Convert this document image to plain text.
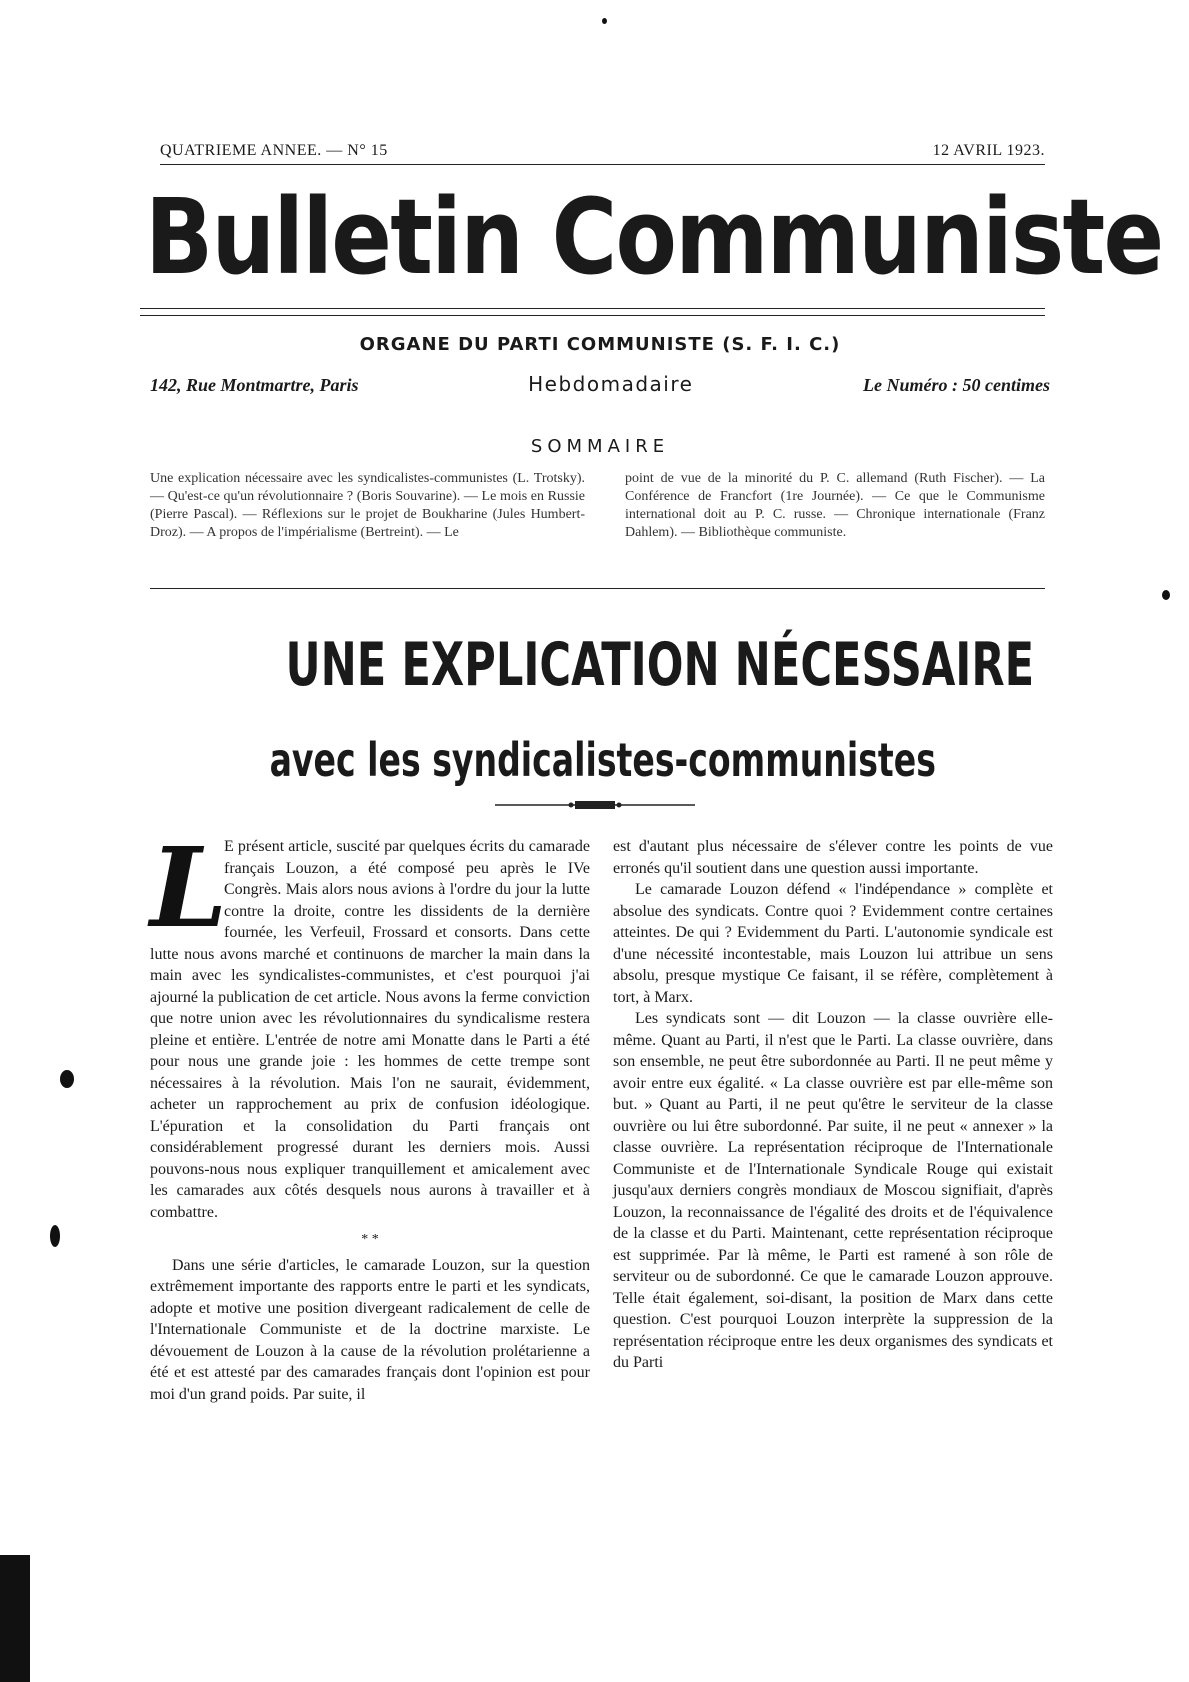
QUATRIEME ANNEE. — N° 15	12 AVRIL 1923.
Bulletin Communiste
ORGANE DU PARTI COMMUNISTE (S. F. I. C.)
142, Rue Montmartre, Paris	Hebdomadaire	Le Numéro : 50 centimes
SOMMAIRE
Une explication nécessaire avec les syndicalistes-communistes (L. Trotsky). — Qu'est-ce qu'un révolutionnaire ? (Boris Souvarine). — Le mois en Russie (Pierre Pascal). — Réflexions sur le projet de Boukharine (Jules Humbert-Droz). — A propos de l'impérialisme (Bertreint). — Le
point de vue de la minorité du P. C. allemand (Ruth Fischer). — La Conférence de Francfort (1re Journée). — Ce que le Communisme international doit au P. C. russe. — Chronique internationale (Franz Dahlem). — Bibliothèque communiste.
UNE EXPLICATION NÉCESSAIRE
avec les syndicalistes-communistes
L

E présent article, suscité par quelques écrits du camarade français Louzon, a été composé peu après le IVe Congrès. Mais alors nous avions à l'ordre du jour la lutte contre la droite, contre les dissidents de la dernière fournée, les Verfeuil, Frossard et consorts. Dans cette lutte nous avons marché et continuons de marcher la main dans la main avec les syndicalistes-communistes, et c'est pourquoi j'ai ajourné la publication de cet article. Nous avons la ferme conviction que notre union avec les révolutionnaires du syndicalisme restera pleine et entière. L'entrée de notre ami Monatte dans le Parti a été pour nous une grande joie : les hommes de cette trempe sont nécessaires à la révolution. Mais l'on ne saurait, évidemment, acheter un rapprochement au prix de confusion idéologique. L'épuration et la consolidation du Parti français ont considérablement progressé durant les derniers mois. Aussi pouvons-nous nous expliquer tranquillement et amicalement avec les camarades aux côtés desquels nous aurons à travailler et à combattre.

* *

Dans une série d'articles, le camarade Louzon, sur la question extrêmement importante des rapports entre le parti et les syndicats, adopte et motive une position divergeant radicalement de celle de l'Internationale Communiste et de la doctrine marxiste. Le dévouement de Louzon à la cause de la révolution prolétarienne a été et est attesté par des camarades français dont l'opinion est pour moi d'un grand poids. Par suite, il

est d'autant plus nécessaire de s'élever contre les points de vue erronés qu'il soutient dans une question aussi importante.

Le camarade Louzon défend « l'indépendance » complète et absolue des syndicats. Contre quoi ? Evidemment contre certaines atteintes. De qui ? Evidemment du Parti. L'autonomie syndicale est d'une nécessité incontestable, mais Louzon lui attribue un sens absolu, presque mystique Ce faisant, il se réfère, complètement à tort, à Marx.

Les syndicats sont — dit Louzon — la classe ouvrière elle-même. Quant au Parti, il n'est que le Parti. La classe ouvrière, dans son ensemble, ne peut être subordonnée au Parti. Il ne peut même y avoir entre eux égalité. « La classe ouvrière est par elle-même son but. » Quant au Parti, il ne peut qu'être le serviteur de la classe ouvrière ou lui être subordonné. Par suite, il ne peut « annexer » la classe ouvrière. La représentation réciproque de l'Internationale Communiste et de l'Internationale Syndicale Rouge qui existait jusqu'aux derniers congrès mondiaux de Moscou signifiait, d'après Louzon, la reconnaissance de l'égalité des droits et de l'équivalence de la classe et du Parti. Maintenant, cette représentation réciproque est supprimée. Par là même, le Parti est ramené à son rôle de serviteur ou de subordonné. Ce que le camarade Louzon approuve. Telle était également, soi-disant, la position de Marx dans cette question. C'est pourquoi Louzon interprète la suppression de la représentation réciproque entre les deux organismes des syndicats et du Parti
